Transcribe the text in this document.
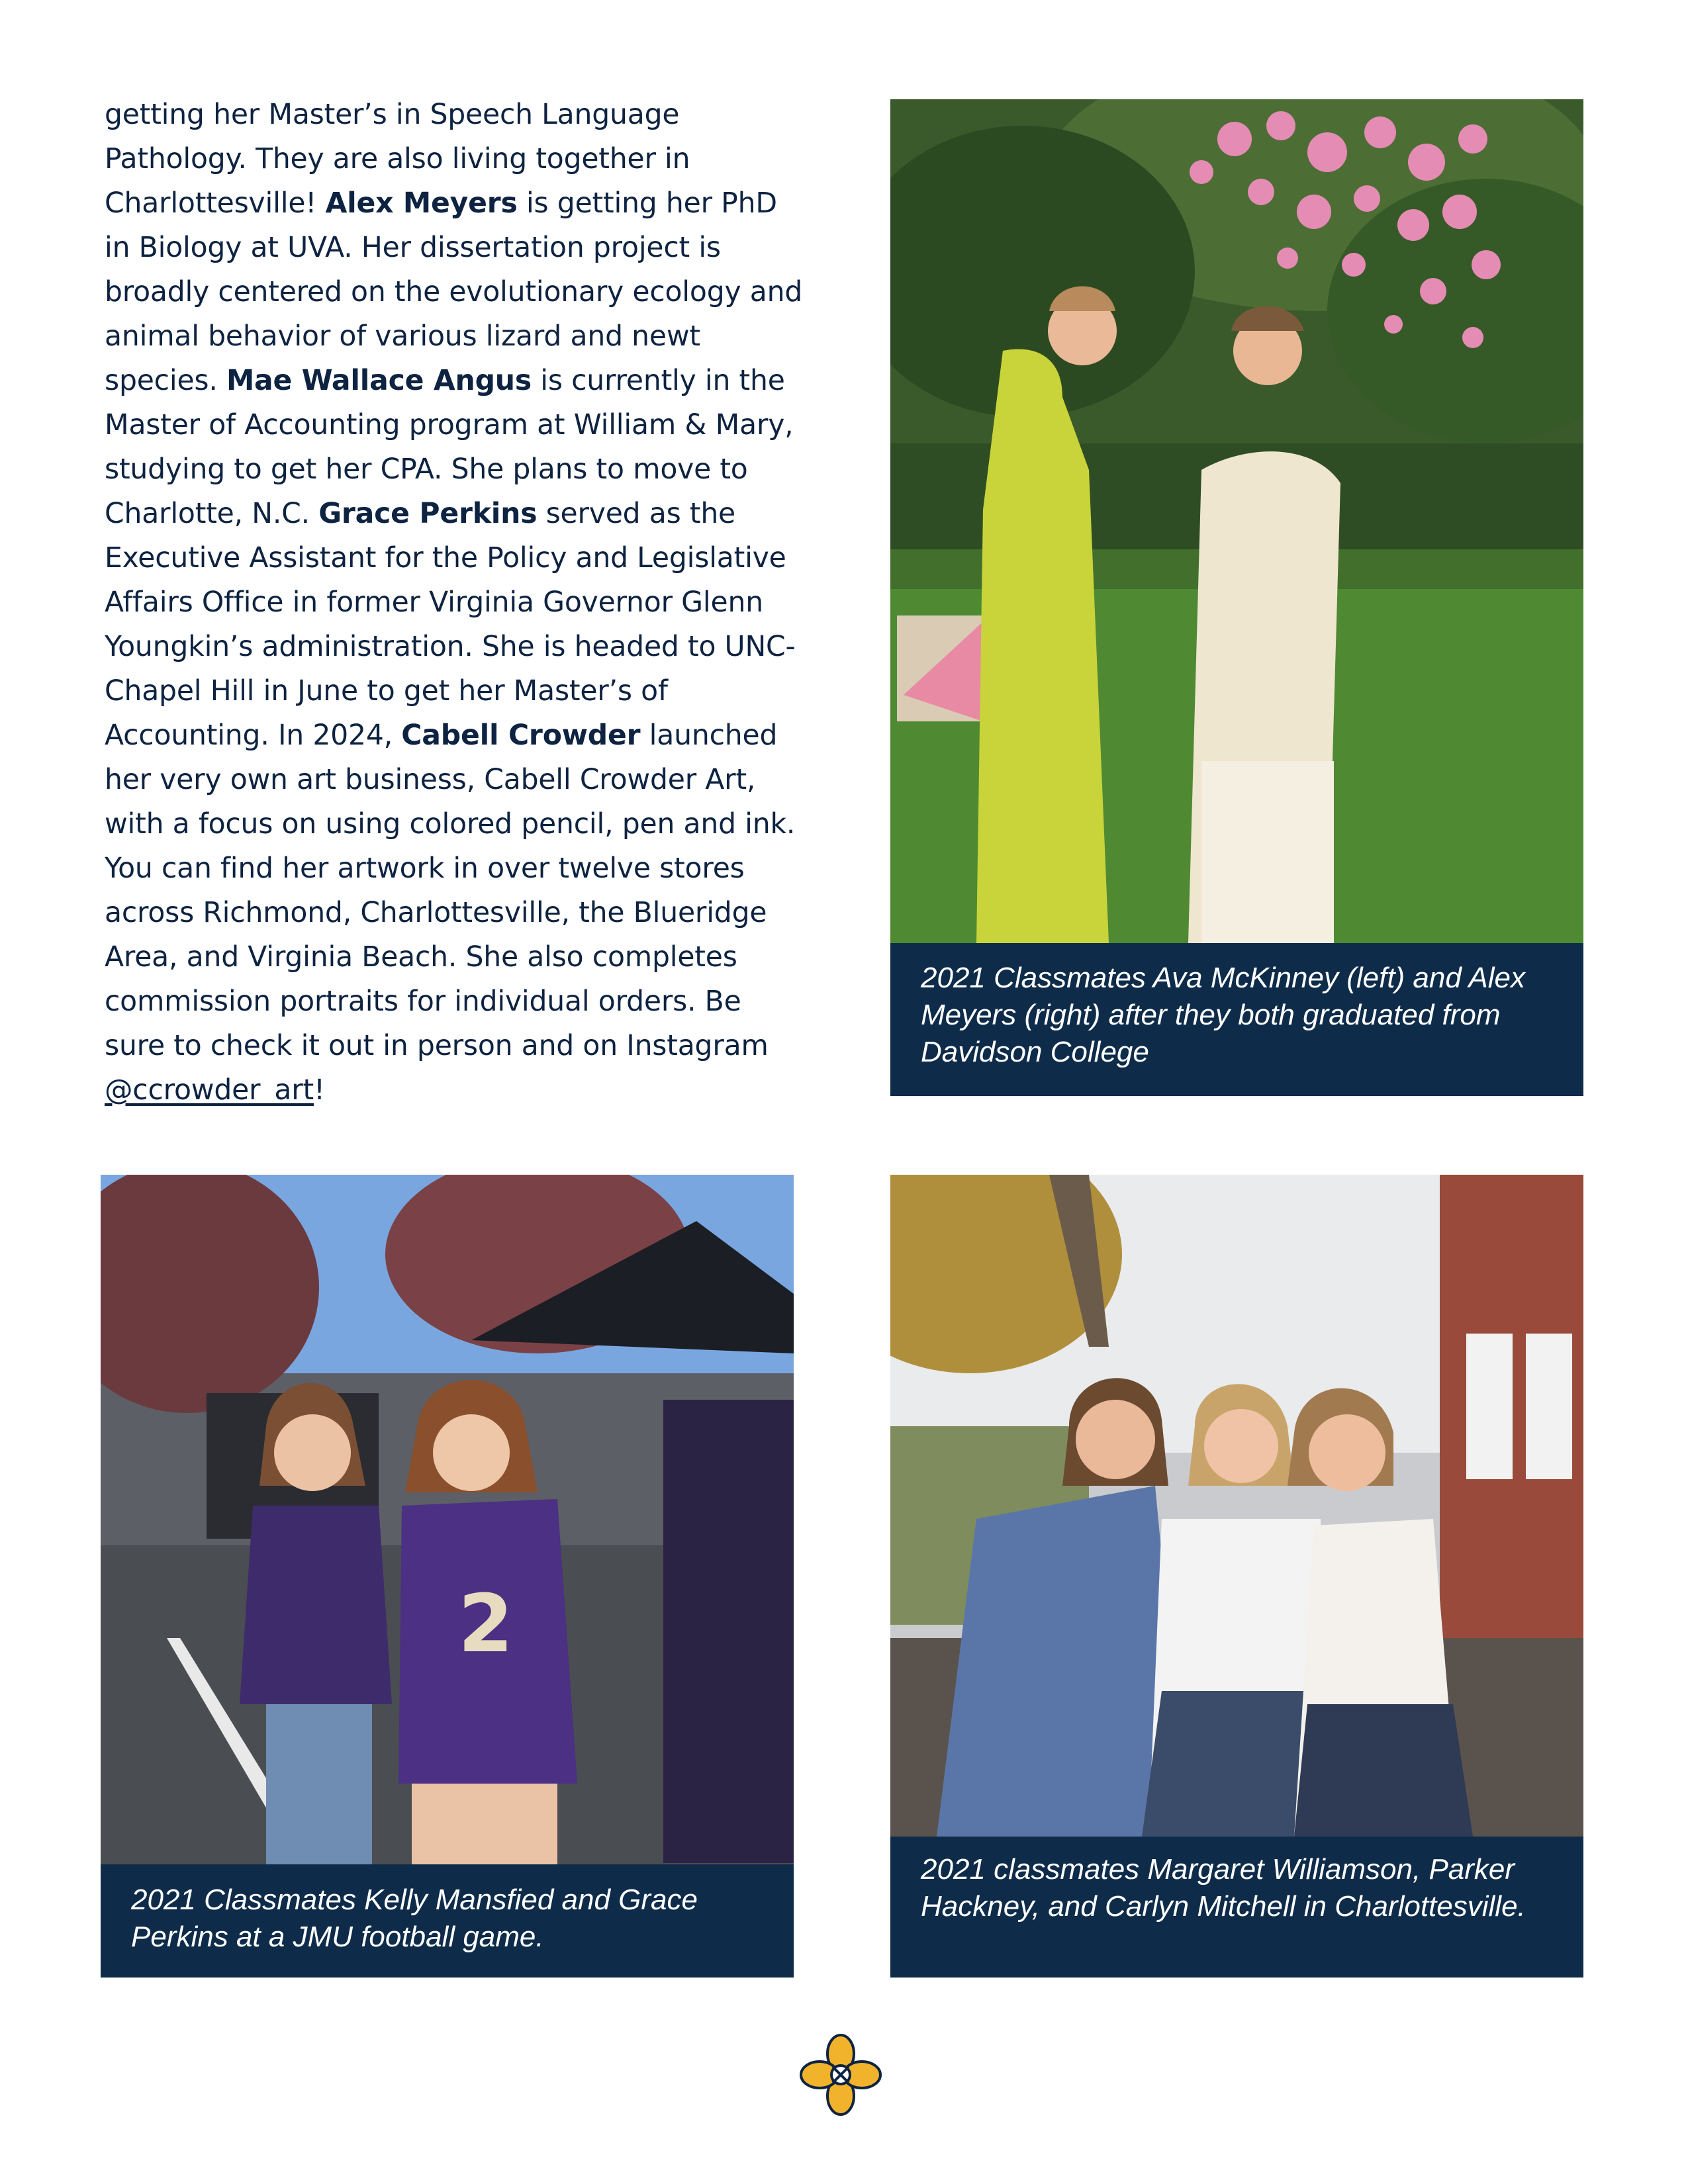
getting her Master’s in Speech Language Pathology. They are also living together in Charlottesville! Alex Meyers is getting her PhD in Biology at UVA. Her dissertation project is broadly centered on the evolutionary ecology and animal behavior of various lizard and newt species. Mae Wallace Angus is currently in the Master of Accounting program at William & Mary, studying to get her CPA. She plans to move to Charlotte, N.C. Grace Perkins served as the Executive Assistant for the Policy and Legislative Affairs Office in former Virginia Governor Glenn Youngkin’s administration. She is headed to UNC-Chapel Hill in June to get her Master’s of Accounting. In 2024, Cabell Crowder launched her very own art business, Cabell Crowder Art, with a focus on using colored pencil, pen and ink. You can find her artwork in over twelve stores across Richmond, Charlottesville, the Blueridge Area, and Virginia Beach. She also completes commission portraits for individual orders. Be sure to check it out in person and on Instagram @ccrowder_art!
2021 Classmates Ava McKinney (left) and Alex Meyers (right) after they both graduated from Davidson College
2
2021 Classmates Kelly Mansfied and Grace Perkins at a JMU football game.
2021 classmates Margaret Williamson, Parker Hackney, and Carlyn Mitchell in Charlottesville.
